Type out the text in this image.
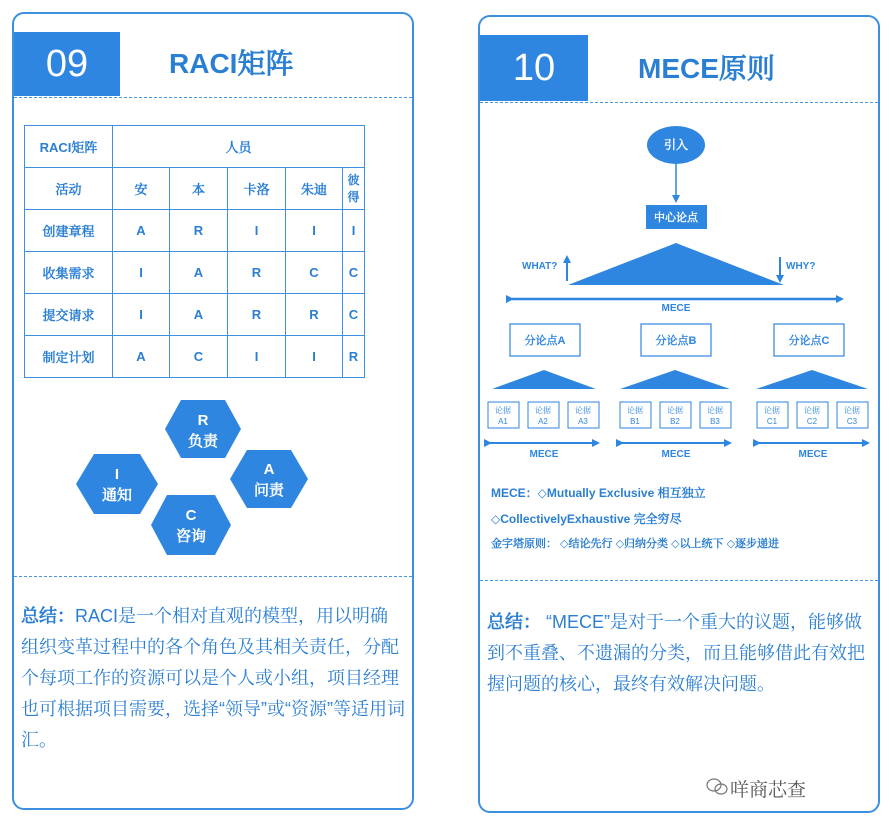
09	RACI矩阵
RACI矩阵	人员				
活动	安	本	卡洛	朱迪	彼得
创建章程	A	R	I	I	I
收集需求	I	A	R	C	C
提交请求	I	A	R	R	C
制定计划	A	C	I	I	R
R
负责
I
通知
A
问责
C
咨询
总结：RACI是一个相对直观的模型，用以明确组织变革过程中的各个角色及其相关责任，分配个每项工作的资源可以是个人或小组，项目经理也可根据项目需要，选择“领导”或“资源”等适用词汇。
10	MECE原则
引入
中心论点
WHAT?	WHY?
MECE
分论点A	分论点B	分论点C
论据
A1
论据
A2
论据
A3
MECE
论据
B1
论据
B2
论据
B3
MECE
论据
C1
论据
C2
论据
C3
MECE
MECE：◇Mutually Exclusive 相互独立
◇CollectivelyExhaustive 完全穷尽
金字塔原则： ◇结论先行 ◇归纳分类 ◇以上统下 ◇逐步递进
总结： “MECE”是对于一个重大的议题，能够做到不重叠、不遗漏的分类，而且能够借此有效把握问题的核心，最终有效解决问题。
咩商芯查
